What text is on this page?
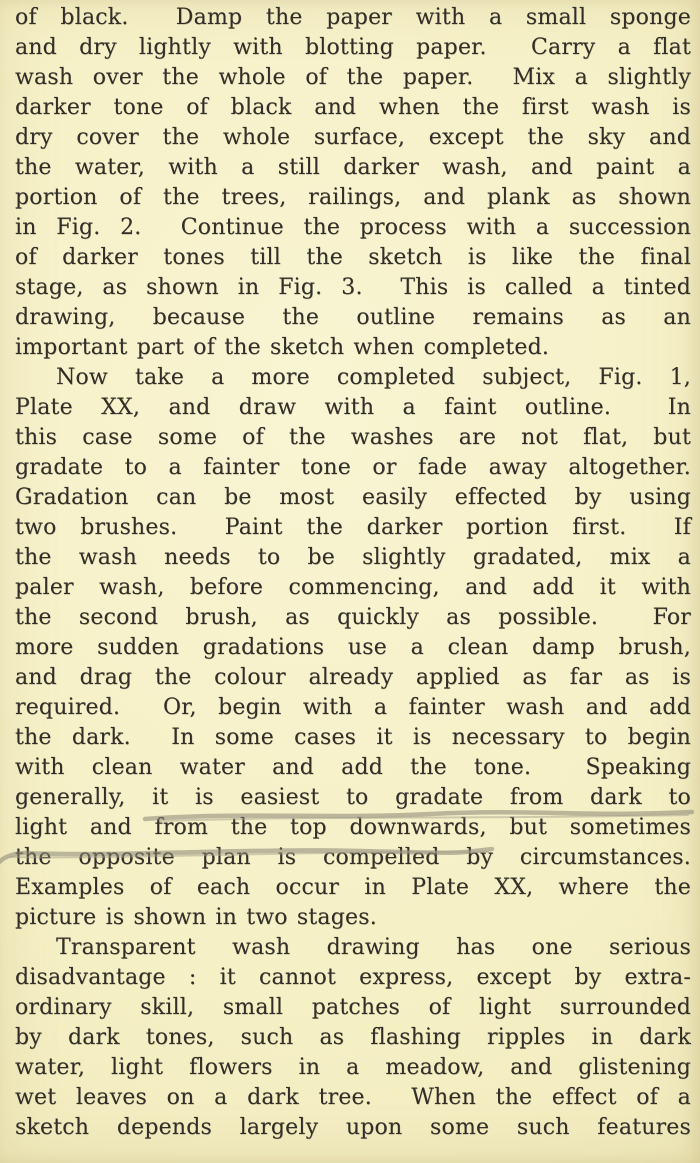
of black.  Damp the paper with a small sponge
and dry lightly with blotting paper.  Carry a flat
wash over the whole of the paper.  Mix a slightly
darker tone of black and when the first wash is
dry cover the whole surface, except the sky and
the water, with a still darker wash, and paint a
portion of the trees, railings, and plank as shown
in Fig. 2.  Continue the process with a succession
of darker tones till the sketch is like the final
stage, as shown in Fig. 3.  This is called a tinted
drawing, because the outline remains as an
important part of the sketch when completed.
Now take a more completed subject, Fig. 1,
Plate XX, and draw with a faint outline.  In
this case some of the washes are not flat, but
gradate to a fainter tone or fade away altogether.
Gradation can be most easily effected by using
two brushes.  Paint the darker portion first.  If
the wash needs to be slightly gradated, mix a
paler wash, before commencing, and add it with
the second brush, as quickly as possible.  For
more sudden gradations use a clean damp brush,
and drag the colour already applied as far as is
required.  Or, begin with a fainter wash and add
the dark.  In some cases it is necessary to begin
with clean water and add the tone.  Speaking
generally, it is easiest to gradate from dark to
light and from the top downwards, but sometimes
the opposite plan is compelled by circumstances.
Examples of each occur in Plate XX, where the
picture is shown in two stages.
Transparent wash drawing has one serious
disadvantage : it cannot express, except by extra-
ordinary skill, small patches of light surrounded
by dark tones, such as flashing ripples in dark
water, light flowers in a meadow, and glistening
wet leaves on a dark tree.  When the effect of a
sketch depends largely upon some such features
